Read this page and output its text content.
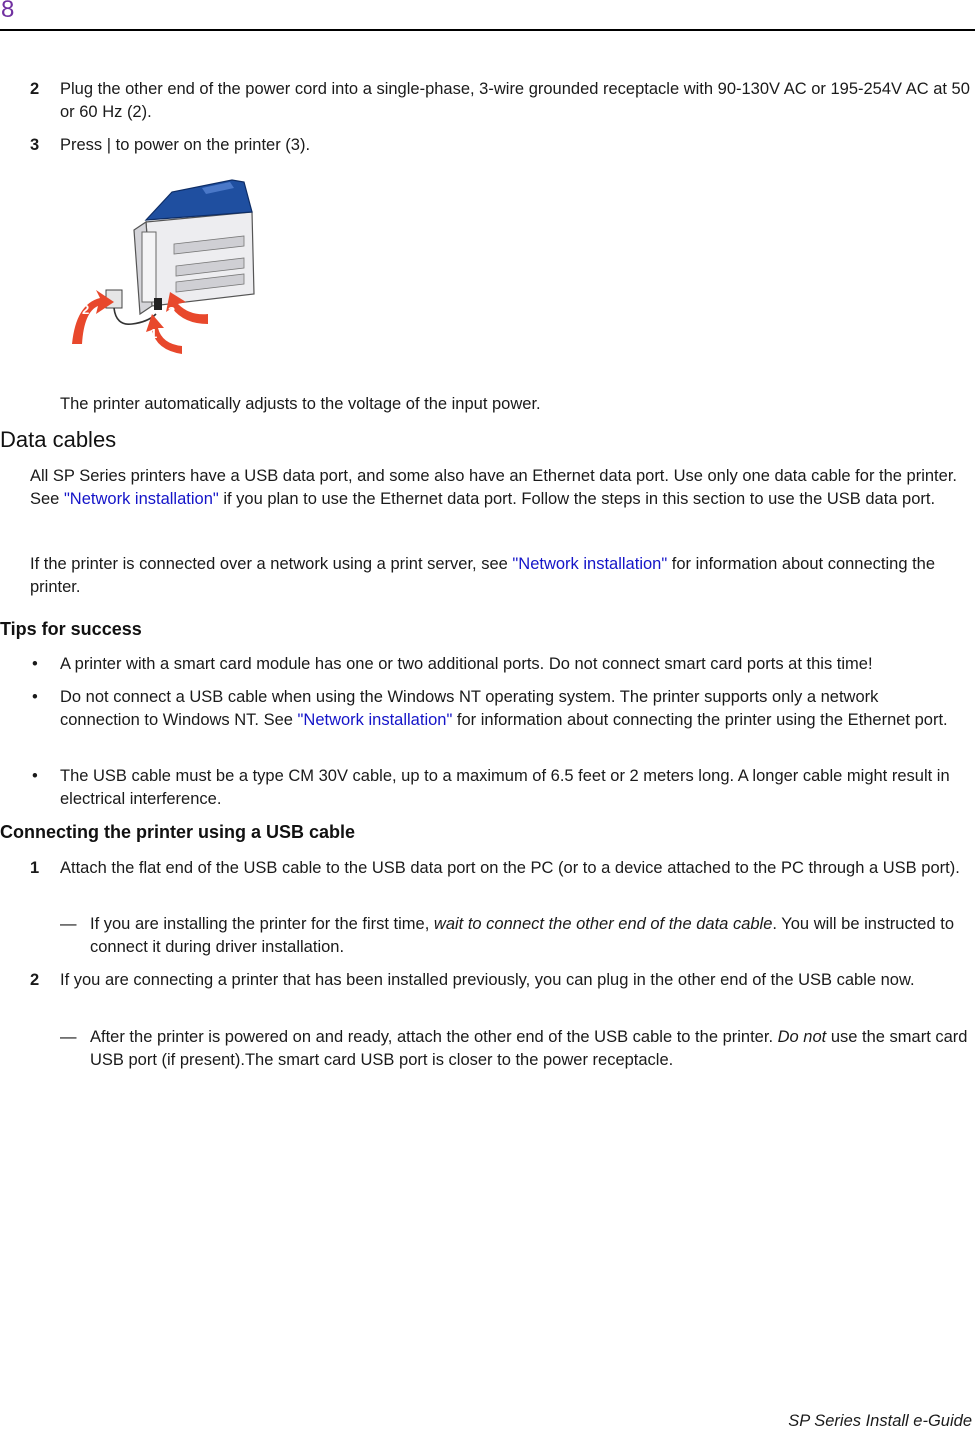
8
2 Plug the other end of the power cord into a single-phase, 3-wire grounded receptacle with 90-130V AC or 195-254V AC at 50 or 60 Hz (2).
3 Press | to power on the printer (3).
2	3
1
The printer automatically adjusts to the voltage of the input power.
Data cables
All SP Series printers have a USB data port, and some also have an Ethernet data port. Use only one data cable for the printer. See "Network installation" if you plan to use the Ethernet data port. Follow the steps in this section to use the USB data port.
If the printer is connected over a network using a print server, see "Network installation" for information about connecting the printer.
Tips for success
• A printer with a smart card module has one or two additional ports. Do not connect smart card ports at this time!
• Do not connect a USB cable when using the Windows NT operating system. The printer supports only a network connection to Windows NT. See "Network installation" for information about connecting the printer using the Ethernet port.
• The USB cable must be a type CM 30V cable, up to a maximum of 6.5 feet or 2 meters long. A longer cable might result in electrical interference.
Connecting the printer using a USB cable
1 Attach the flat end of the USB cable to the USB data port on the PC (or to a device attached to the PC through a USB port).
— If you are installing the printer for the first time, wait to connect the other end of the data cable. You will be instructed to connect it during driver installation.
2 If you are connecting a printer that has been installed previously, you can plug in the other end of the USB cable now.
— After the printer is powered on and ready, attach the other end of the USB cable to the printer. Do not use the smart card USB port (if present).The smart card USB port is closer to the power receptacle.
SP Series Install e-Guide
